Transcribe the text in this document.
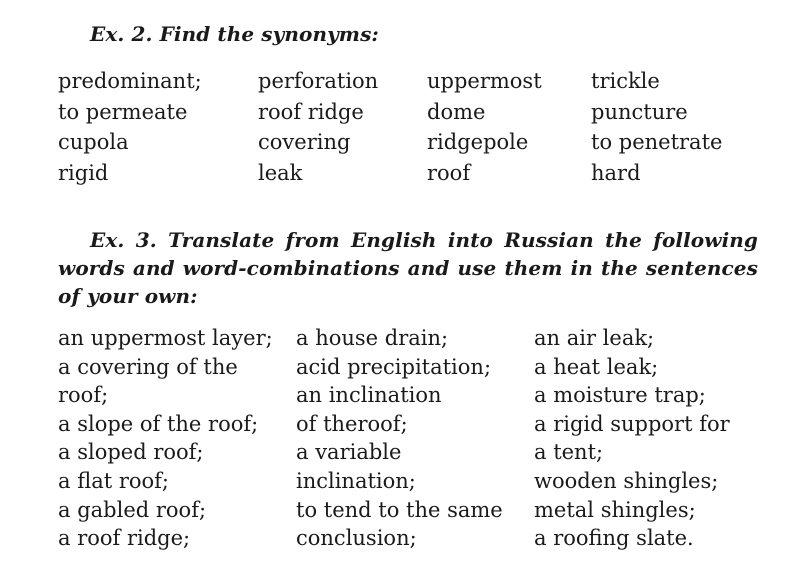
Ex. 2. Find the synonyms:
predominant;
to permeate
cupola
rigid
perforation
roof ridge
covering
leak
uppermost
dome
ridgepole
roof
trickle
puncture
to penetrate
hard
Ex. 3. Translate from English into Russian the following words and word-combinations and use them in the sentences of your own:
an uppermost layer;
a covering of the
roof;
a slope of the roof;
a sloped roof;
a flat roof;
a gabled roof;
a roof ridge;
a house drain;
acid precipitation;
an inclination
of theroof;
a variable
inclination;
to tend to the same
conclusion;
an air leak;
a heat leak;
a moisture trap;
a rigid support for
a tent;
wooden shingles;
metal shingles;
a roofing slate.
